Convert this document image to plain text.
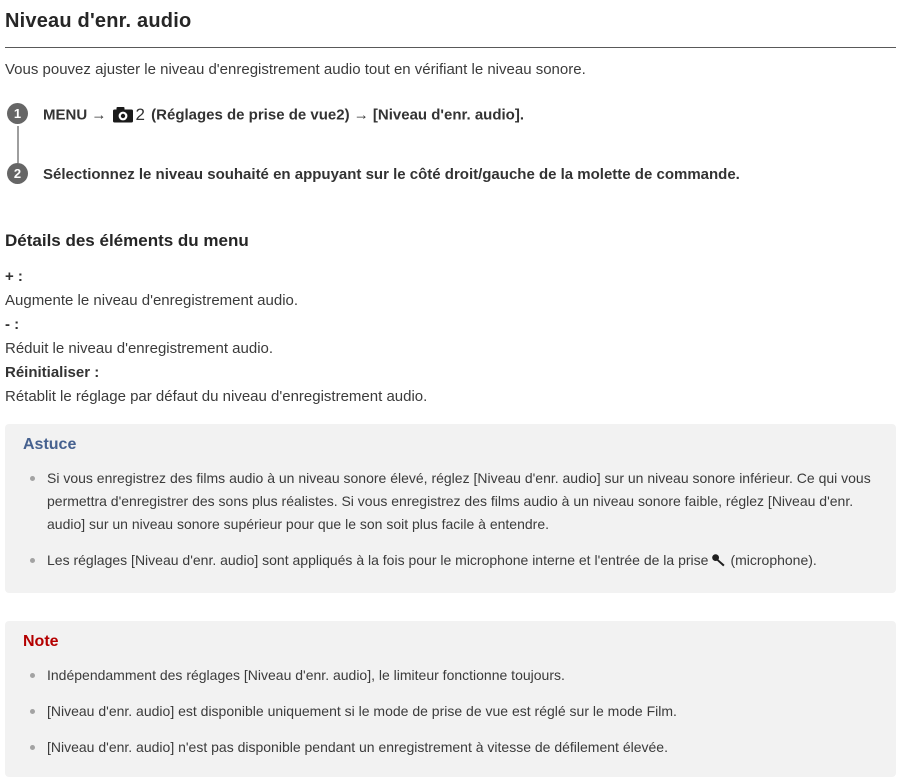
Niveau d'enr. audio

Vous pouvez ajuster le niveau d'enregistrement audio tout en vérifiant le niveau sonore.

1	MENU → 2 (Réglages de prise de vue2) → [Niveau d'enr. audio].
2	Sélectionnez le niveau souhaité en appuyant sur le côté droit/gauche de la molette de commande.
Détails des éléments du menu
+ :
Augmente le niveau d'enregistrement audio.
- :
Réduit le niveau d'enregistrement audio.
Réinitialiser :
Rétablit le réglage par défaut du niveau d'enregistrement audio.
Astuce
Si vous enregistrez des films audio à un niveau sonore élevé, réglez [Niveau d'enr. audio] sur un niveau sonore inférieur. Ce qui vous permettra d'enregistrer des sons plus réalistes. Si vous enregistrez des films audio à un niveau sonore faible, réglez [Niveau d'enr. audio] sur un niveau sonore supérieur pour que le son soit plus facile à entendre.
Les réglages [Niveau d'enr. audio] sont appliqués à la fois pour le microphone interne et l'entrée de la prise (microphone).
Note
Indépendamment des réglages [Niveau d'enr. audio], le limiteur fonctionne toujours.
[Niveau d'enr. audio] est disponible uniquement si le mode de prise de vue est réglé sur le mode Film.
[Niveau d'enr. audio] n'est pas disponible pendant un enregistrement à vitesse de défilement élevée.
